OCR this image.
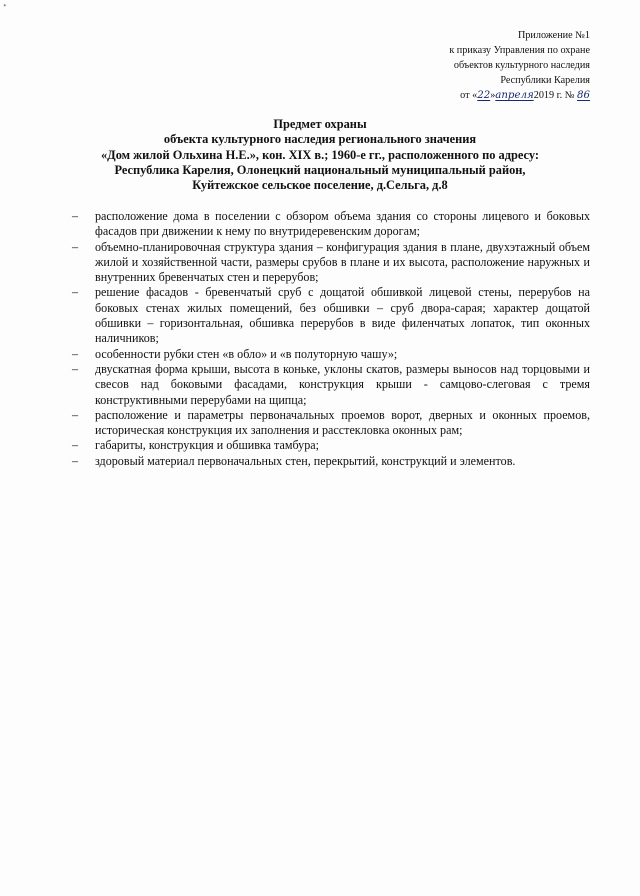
ᐩ
Приложение №1
к приказу Управления по охране
объектов культурного наследия
Республики Карелия
от «22»апреля2019 г. № 86
Предмет охраны
объекта культурного наследия регионального значения
«Дом жилой Ольхина Н.Е.», кон. XIX в.; 1960-е гг., расположенного по адресу:
Республика Карелия, Олонецкий национальный муниципальный район,
Куйтежское сельское поселение, д.Сельга, д.8
–	расположение дома в поселении с обзором объема здания со стороны лицевого и боковых фасадов при движении к нему по внутридеревенским дорогам;
–	объемно-планировочная структура здания – конфигурация здания в плане, двухэтажный объем жилой и хозяйственной части, размеры срубов в плане и их высота, расположение наружных и внутренних бревенчатых стен и перерубов;
–	решение фасадов - бревенчатый сруб с дощатой обшивкой лицевой стены, перерубов на боковых стенах жилых помещений, без обшивки – сруб двора-сарая; характер дощатой обшивки – горизонтальная, обшивка перерубов в виде филенчатых лопаток, тип оконных наличников;
–	особенности рубки стен «в обло» и «в полуторную чашу»;
–	двускатная форма крыши, высота в коньке, уклоны скатов, размеры выносов над торцовыми и свесов над боковыми фасадами, конструкция крыши - самцово-слеговая с тремя конструктивными перерубами на щипца;
–	расположение и параметры первоначальных проемов ворот, дверных и оконных проемов, историческая конструкция их заполнения и расстекловка оконных рам;
–	габариты, конструкция и обшивка тамбура;
–	здоровый материал первоначальных стен, перекрытий, конструкций и элементов.
